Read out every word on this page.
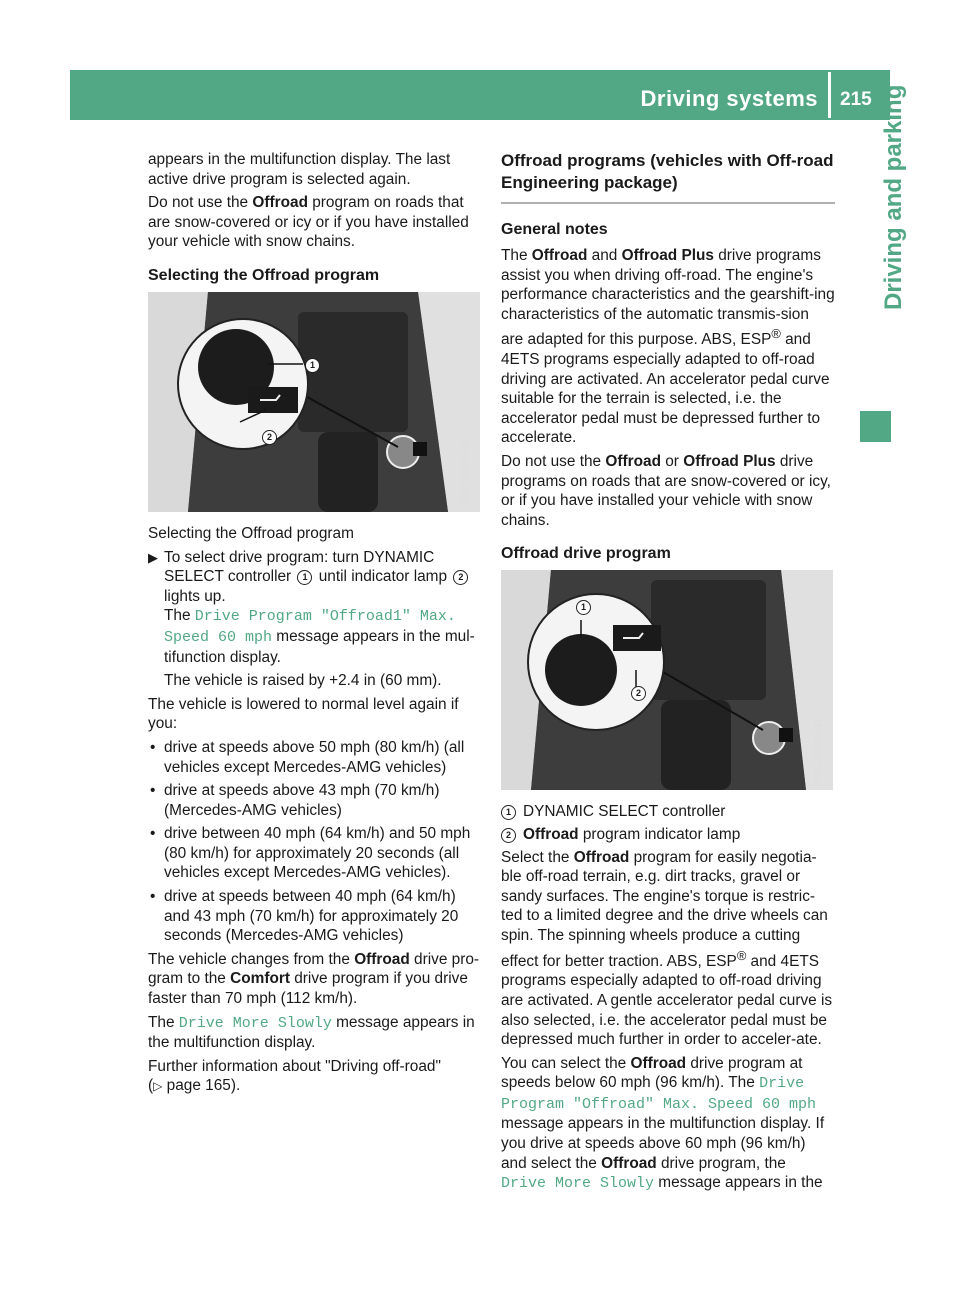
Driving systems 215 Driving and parking

appears in the multifunction display. The last active drive program is selected again.

Do not use the Offroad program on roads that are snow-covered or icy or if you have installed your vehicle with snow chains.

Selecting the Offroad program
1
2
P54.25-9875-31

Selecting the Offroad program

▶ To select drive program: turn DYNAMIC SELECT controller 1 until indicator lamp 2 lights up.
The Drive Program "Offroad1" Max. Speed 60 mph message appears in the mul-tifunction display.

The vehicle is raised by +2.4 in (60 mm).

The vehicle is lowered to normal level again if you:

• drive at speeds above 50 mph (80 km/h) (all vehicles except Mercedes-AMG vehicles)
• drive at speeds above 43 mph (70 km/h) (Mercedes-AMG vehicles)
• drive between 40 mph (64 km/h) and 50 mph (80 km/h) for approximately 20 seconds (all vehicles except Mercedes-AMG vehicles).
• drive at speeds between 40 mph (64 km/h) and 43 mph (70 km/h) for approximately 20 seconds (Mercedes-AMG vehicles)

The vehicle changes from the Offroad drive pro-gram to the Comfort drive program if you drive faster than 70 mph (112 km/h).

The Drive More Slowly message appears in the multifunction display.

Further information about "Driving off-road"
(▷ page 165).

Offroad programs (vehicles with Off-road Engineering package)
General notes

The Offroad and Offroad Plus drive programs assist you when driving off-road. The engine's performance characteristics and the gearshift-ing characteristics of the automatic transmis-sion are adapted for this purpose. ABS, ESP® and 4ETS programs especially adapted to off-road driving are activated. An accelerator pedal curve suitable for the terrain is selected, i.e. the accelerator pedal must be depressed further to accelerate.

Do not use the Offroad or Offroad Plus drive programs on roads that are snow-covered or icy, or if you have installed your vehicle with snow chains.

Offroad drive program
1
2
P54.25-9876-31
1 DYNAMIC SELECT controller
2 Offroad program indicator lamp

Select the Offroad program for easily negotia-ble off-road terrain, e.g. dirt tracks, gravel or sandy surfaces. The engine's torque is restric-ted to a limited degree and the drive wheels can spin. The spinning wheels produce a cutting effect for better traction. ABS, ESP® and 4ETS programs especially adapted to off-road driving are activated. A gentle accelerator pedal curve is also selected, i.e. the accelerator pedal must be depressed much further in order to acceler-ate.

You can select the Offroad drive program at speeds below 60 mph (96 km/h). The Drive Program "Offroad" Max. Speed 60 mph message appears in the multifunction display. If you drive at speeds above 60 mph (96 km/h) and select the Offroad drive program, the Drive More Slowly message appears in the
